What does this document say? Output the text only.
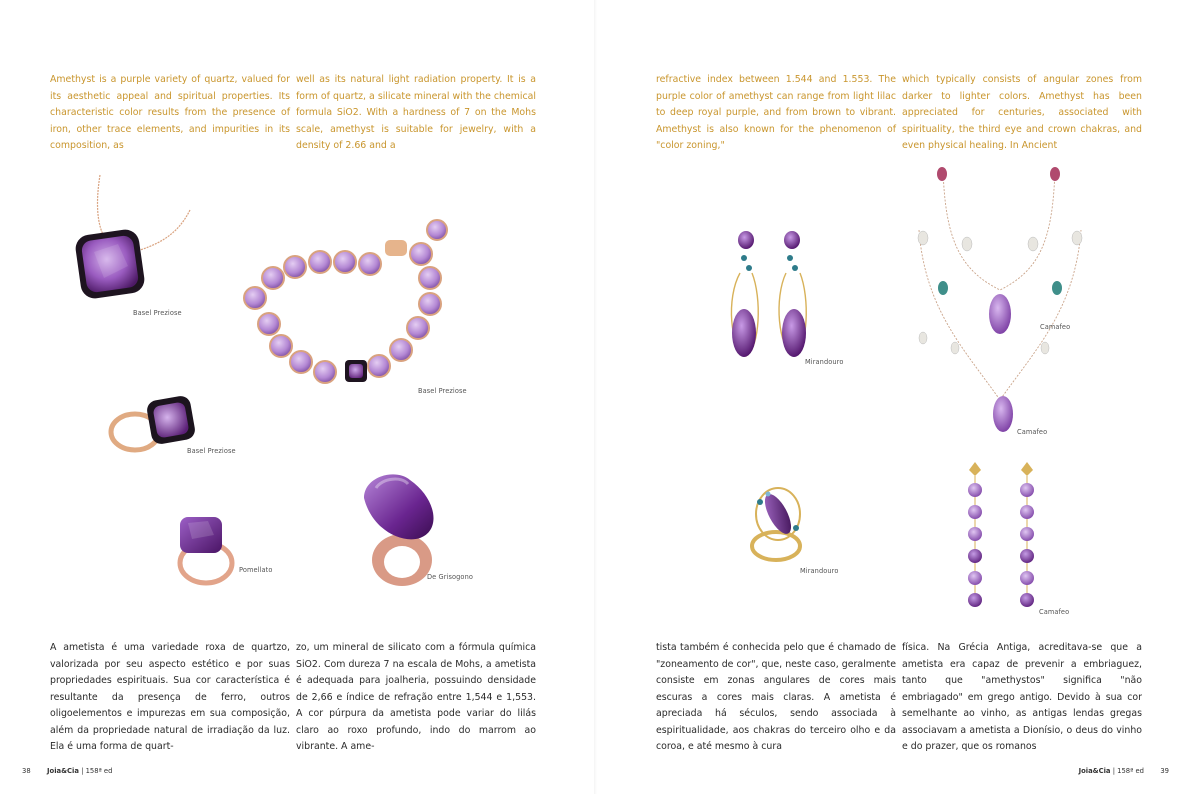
Amethyst is a purple variety of quartz, valued for its aesthetic appeal and spiritual properties. Its characteristic color results from the presence of iron, other trace elements, and impurities in its composition, as

well as its natural light radiation property. It is a form of quartz, a silicate mineral with the chemical formula SiO2. With a hardness of 7 on the Mohs scale, amethyst is suitable for jewelry, with a density of 2.66 and a

A ametista é uma variedade roxa de quartzo, valorizada por seu aspecto estético e por suas propriedades espirituais. Sua cor característica é resultante da presença de ferro, outros oligoelementos e impurezas em sua composição, além da propriedade natural de irradiação da luz. Ela é uma forma de quart-

zo, um mineral de silicato com a fórmula química SiO2. Com dureza 7 na escala de Mohs, a ametista é adequada para joalheria, possuindo densidade de 2,66 e índice de refração entre 1,544 e 1,553. A cor púrpura da ametista pode variar do lilás claro ao roxo profundo, indo do marrom ao vibrante. A ame-

refractive index between 1.544 and 1.553. The purple color of amethyst can range from light lilac to deep royal purple, and from brown to vibrant. Amethyst is also known for the phenomenon of "color zoning,"

which typically consists of angular zones from darker to lighter colors. Amethyst has been appreciated for centuries, associated with spirituality, the third eye and crown chakras, and even physical healing. In Ancient

tista também é conhecida pelo que é chamado de "zoneamento de cor", que, neste caso, geralmente consiste em zonas angulares de cores mais escuras a cores mais claras. A ametista é apreciada há séculos, sendo associada à espiritualidade, aos chakras do terceiro olho e da coroa, e até mesmo à cura

física. Na Grécia Antiga, acreditava-se que a ametista era capaz de prevenir a embriaguez, tanto que "amethystos" significa "não embriagado" em grego antigo. Devido à sua cor semelhante ao vinho, as antigas lendas gregas associavam a ametista a Dionísio, o deus do vinho e do prazer, que os romanos

Basel Preziose
Basel Preziose
Basel Preziose
Pomellato
De Grisogono
Mirandouro
Camafeo
Camafeo
Mirandouro
Camafeo
38 Joia&Cia | 158ª ed	Joia&Cia | 158ª ed 39
